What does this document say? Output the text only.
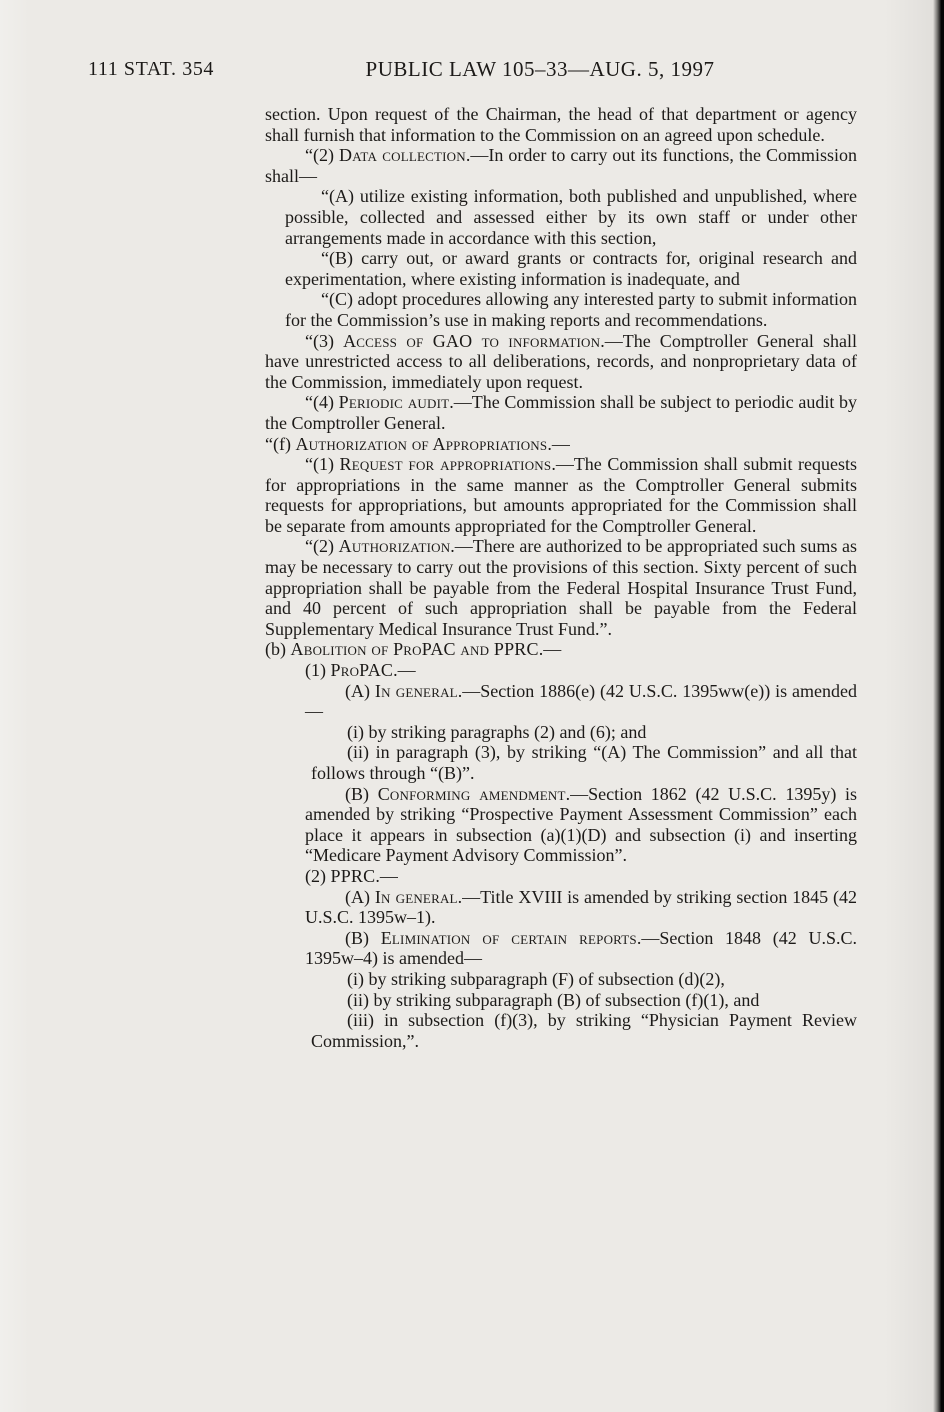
111 STAT. 354	PUBLIC LAW 105–33—AUG. 5, 1997

section. Upon request of the Chairman, the head of that department or agency shall furnish that information to the Commission on an agreed upon schedule.

“(2) Data collection.—In order to carry out its functions, the Commission shall—

“(A) utilize existing information, both published and unpublished, where possible, collected and assessed either by its own staff or under other arrangements made in accordance with this section,

“(B) carry out, or award grants or contracts for, original research and experimentation, where existing information is inadequate, and

“(C) adopt procedures allowing any interested party to submit information for the Commission’s use in making reports and recommendations.

“(3) Access of GAO to information.—The Comptroller General shall have unrestricted access to all deliberations, records, and nonproprietary data of the Commission, immediately upon request.

“(4) Periodic audit.—The Commission shall be subject to periodic audit by the Comptroller General.

“(f) Authorization of Appropriations.—

“(1) Request for appropriations.—The Commission shall submit requests for appropriations in the same manner as the Comptroller General submits requests for appropriations, but amounts appropriated for the Commission shall be separate from amounts appropriated for the Comptroller General.

“(2) Authorization.—There are authorized to be appropriated such sums as may be necessary to carry out the provisions of this section. Sixty percent of such appropriation shall be payable from the Federal Hospital Insurance Trust Fund, and 40 percent of such appropriation shall be payable from the Federal Supplementary Medical Insurance Trust Fund.”.

(b) Abolition of ProPAC and PPRC.—

(1) ProPAC.—

(A) In general.—Section 1886(e) (42 U.S.C. 1395ww(e)) is amended—

(i) by striking paragraphs (2) and (6); and

(ii) in paragraph (3), by striking “(A) The Commission” and all that follows through “(B)”.

(B) Conforming amendment.—Section 1862 (42 U.S.C. 1395y) is amended by striking “Prospective Payment Assessment Commission” each place it appears in subsection (a)(1)(D) and subsection (i) and inserting “Medicare Payment Advisory Commission”.

(2) PPRC.—

(A) In general.—Title XVIII is amended by striking section 1845 (42 U.S.C. 1395w–1).

(B) Elimination of certain reports.—Section 1848 (42 U.S.C. 1395w–4) is amended—

(i) by striking subparagraph (F) of subsection (d)(2),

(ii) by striking subparagraph (B) of subsection (f)(1), and

(iii) in subsection (f)(3), by striking “Physician Payment Review Commission,”.
